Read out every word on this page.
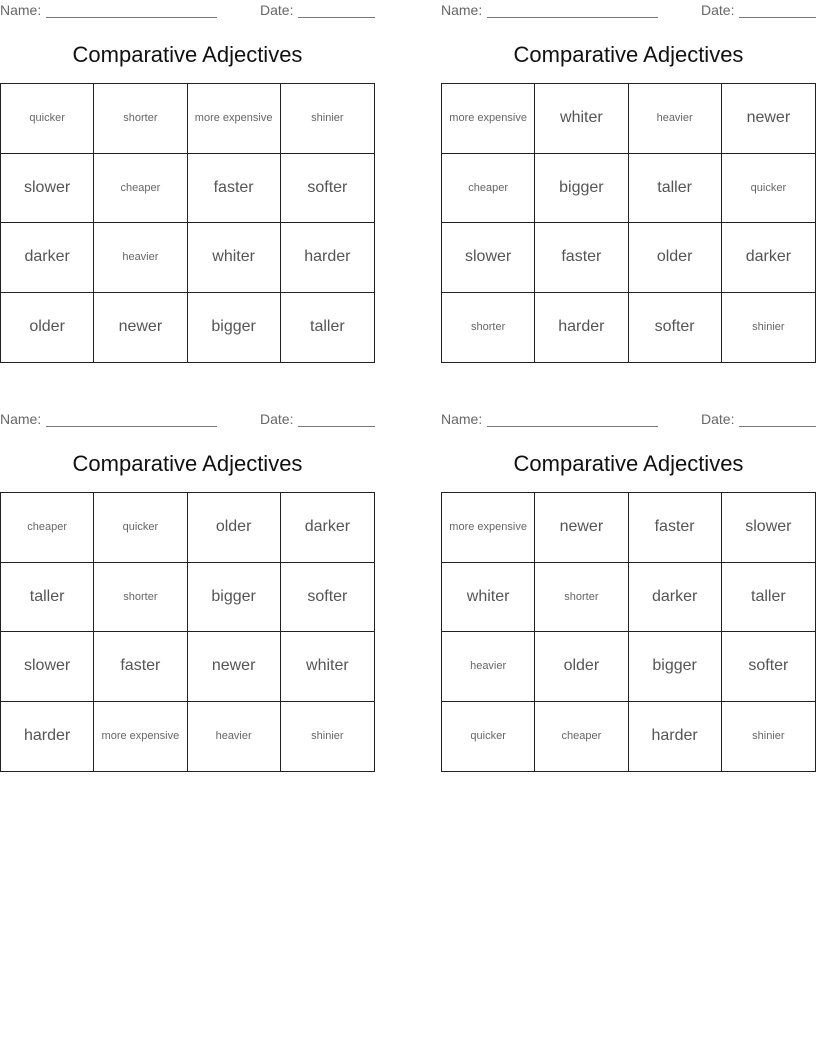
Name:	Date:
Comparative Adjectives
quicker	shorter	more expensive	shinier
slower	cheaper	faster	softer
darker	heavier	whiter	harder
older	newer	bigger	taller
Name:	Date:
Comparative Adjectives
more expensive	whiter	heavier	newer
cheaper	bigger	taller	quicker
slower	faster	older	darker
shorter	harder	softer	shinier
Name:	Date:
Comparative Adjectives
cheaper	quicker	older	darker
taller	shorter	bigger	softer
slower	faster	newer	whiter
harder	more expensive	heavier	shinier
Name:	Date:
Comparative Adjectives
more expensive	newer	faster	slower
whiter	shorter	darker	taller
heavier	older	bigger	softer
quicker	cheaper	harder	shinier
